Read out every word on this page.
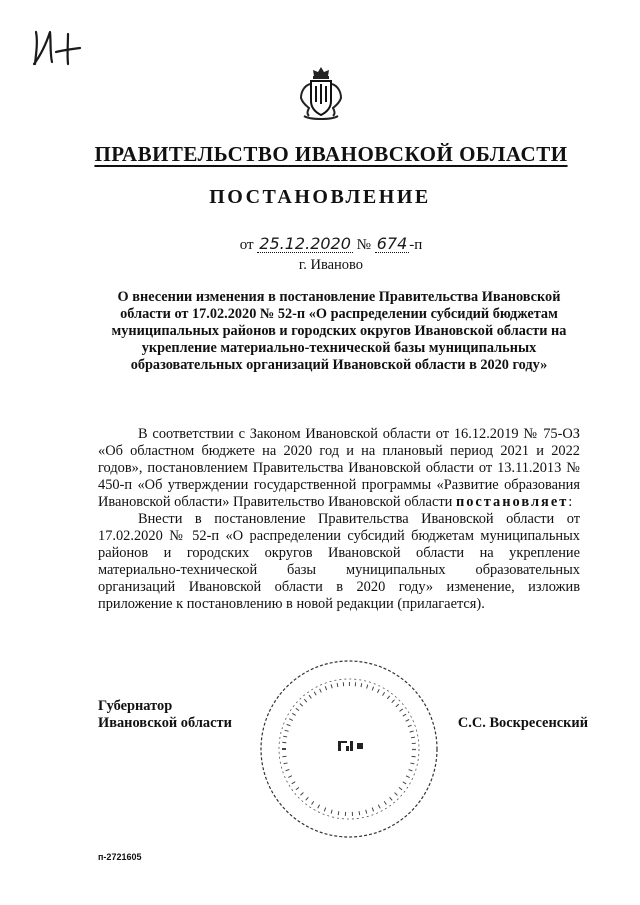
ПРАВИТЕЛЬСТВО ИВАНОВСКОЙ ОБЛАСТИ
ПОСТАНОВЛЕНИЕ
от 25.12.2020 № 674 -п
г. Иваново

О внесении изменения в постановление Правительства Ивановской области от 17.02.2020 № 52-п «О распределении субсидий бюджетам муниципальных районов и городских округов Ивановской области на укрепление материально-технической базы муниципальных образовательных организаций Ивановской области в 2020 году»

В соответствии с Законом Ивановской области от 16.12.2019 № 75-ОЗ «Об областном бюджете на 2020 год и на плановый период 2021 и 2022 годов», постановлением Правительства Ивановской области от 13.11.2013 № 450-п «Об утверждении государственной программы «Развитие образования Ивановской области» Правительство Ивановской области постановляет:

Внести в постановление Правительства Ивановской области от 17.02.2020 № 52-п «О распределении субсидий бюджетам муниципальных районов и городских округов Ивановской области на укрепление материально-технической базы муниципальных образовательных организаций Ивановской области в 2020 году» изменение, изложив приложение к постановлению в новой редакции (прилагается).

Губернатор
Ивановской области	С.С. Воскресенский
п-2721605
